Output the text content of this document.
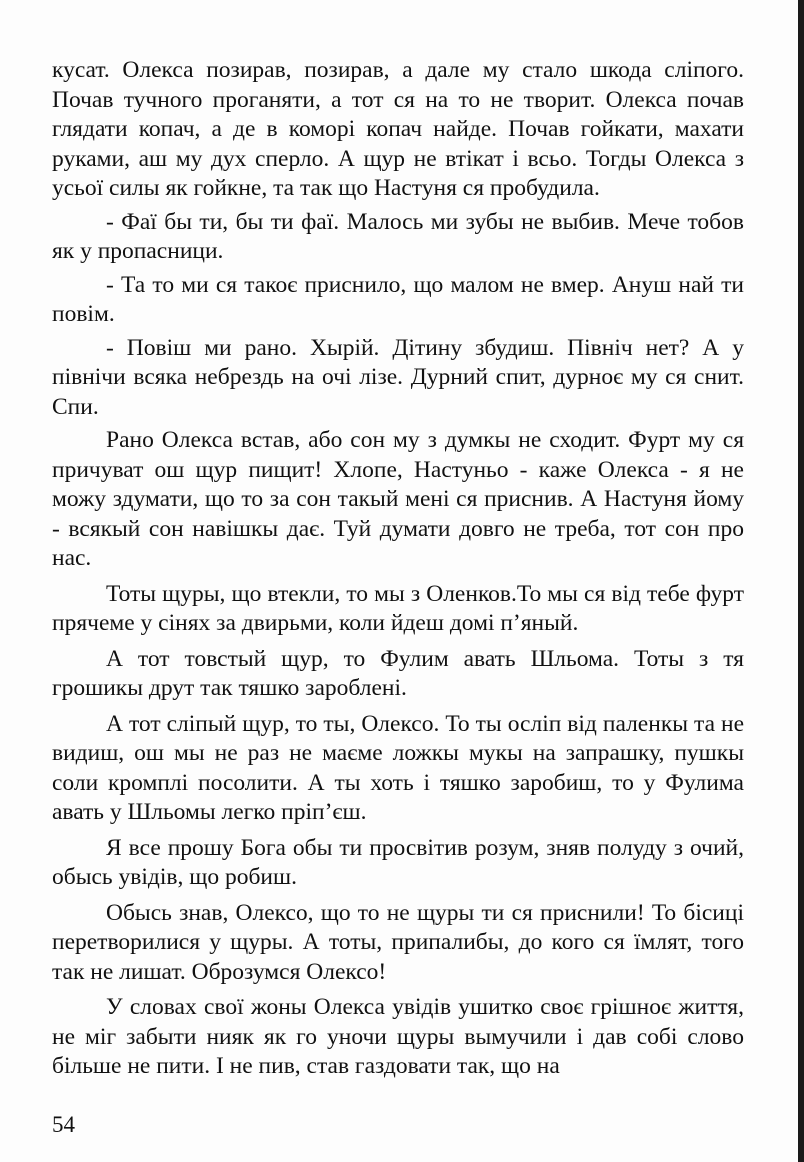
кусат. Олекса позирав, позирав, а дале му стало шкода сліпого. Почав тучного проганяти, а тот ся на то не творит. Олекса почав глядати копач, а де в коморі копач найде. Почав гойкати, махати руками, аш му дух сперло. А щур не втікат і всьо. Тогды Олекса з усьої силы як гойкне, та так що Настуня ся пробудила.

- Фаї бы ти, бы ти фаї. Малось ми зубы не выбив. Мече тобов як у пропасници.

- Та то ми ся такоє приснило, що малом не вмер. Ануш най ти повім.

- Повіш ми рано. Хырій. Дітину збудиш. Північ нет? А у північи всяка небрездь на очі лізе. Дурний спит, дурноє му ся снит. Спи.

Рано Олекса встав, або сон му з думкы не сходит. Фурт му ся причуват ош щур пищит! Хлопе, Настуньо - каже Олекса - я не можу здумати, що то за сон такый мені ся приснив. А Настуня йому - всякый сон навішкы дає. Туй думати довго не треба, тот сон про нас.

Тоты щуры, що втекли, то мы з Оленков.То мы ся від тебе фурт прячеме у сінях за двирьми, коли йдеш домі п’яный.

А тот товстый щур, то Фулим авать Шльома. Тоты з тя грошикы друт так тяшко зароблені.

А тот сліпый щур, то ты, Олексо. То ты осліп від паленкы та не видиш, ош мы не раз не маєме ложкы мукы на запрашку, пушкы соли кромплі посолити. А ты хоть і тяшко заробиш, то у Фулима авать у Шльомы легко пріп’єш.

Я все прошу Бога обы ти просвітив розум, зняв полуду з очий, обысь увідів, що робиш.

Обысь знав, Олексо, що то не щуры ти ся приснили! То бісиці перетворилися у щуры. А тоты, припалибы, до кого ся їмлят, того так не лишат. Оброзумся Олексо!

У словах свої жоны Олекса увідів ушитко своє грішноє життя, не міг забыти нияк як го уночи щуры вымучили і дав собі слово більше не пити. І не пив, став газдовати так, що на

54
